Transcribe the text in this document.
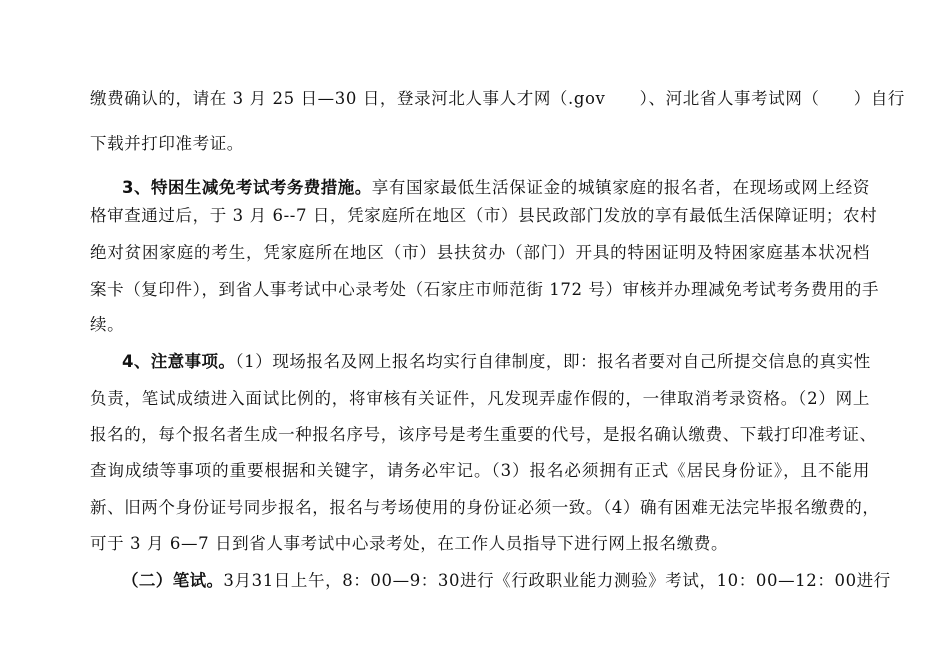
缴费确认的，请在 3 月 25 日—30 日，登录河北人事人才网（.gov　　）、河北省人事考试网（　　）自行
下载并打印准考证。
3、特困生减免考试考务费措施。享有国家最低生活保证金的城镇家庭的报名者，在现场或网上经资
格审查通过后，于 3 月 6--7 日，凭家庭所在地区（市）县民政部门发放的享有最低生活保障证明；农村
绝对贫困家庭的考生，凭家庭所在地区（市）县扶贫办（部门）开具的特困证明及特困家庭基本状况档
案卡（复印件），到省人事考试中心录考处（石家庄市师范街 172 号）审核并办理减免考试考务费用的手
续。
4、注意事项。（1）现场报名及网上报名均实行自律制度，即：报名者要对自己所提交信息的真实性
负责，笔试成绩进入面试比例的，将审核有关证件，凡发现弄虚作假的，一律取消考录资格。（2）网上
报名的，每个报名者生成一种报名序号，该序号是考生重要的代号，是报名确认缴费、下载打印准考证、
查询成绩等事项的重要根据和关键字，请务必牢记。（3）报名必须拥有正式《居民身份证》，且不能用
新、旧两个身份证号同步报名，报名与考场使用的身份证必须一致。（4）确有困难无法完毕报名缴费的，
可于 3 月 6—7 日到省人事考试中心录考处，在工作人员指导下进行网上报名缴费。
（二）笔试。3月31日上午，8：00—9：30进行《行政职业能力测验》考试，10：00—12：00进行
